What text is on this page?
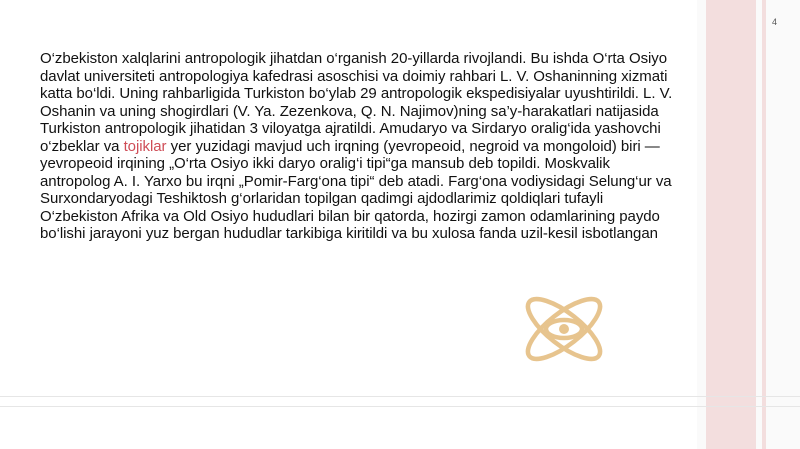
4

O‘zbekiston xalqlarini antropologik jihatdan o‘rganish 20-yillarda rivojlandi. Bu ishda O‘rta Osiyo davlat universiteti antropologiya kafedrasi asoschisi va doimiy rahbari L. V. Oshaninning xizmati katta bo‘ldi. Uning rahbarligida Turkiston bo‘ylab 29 antropologik ekspedisiyalar uyushtirildi. L. V. Oshanin va uning shogirdlari (V. Ya. Zezenkova, Q. N. Najimov)ning sa’y-harakatlari natijasida Turkiston antropologik jihatidan 3 viloyatga ajratildi. Amudaryo va Sirdaryo oralig‘ida yashovchi o‘zbeklar va tojiklar yer yuzidagi mavjud uch irqning (yevropeoid, negroid va mongoloid) biri — yevropeoid irqining „O‘rta Osiyo ikki daryo oralig‘i tipi“ga mansub deb topildi. Moskvalik antropolog A. I. Yarxo bu irqni „Pomir-Farg‘ona tipi“ deb atadi. Farg‘ona vodiysidagi Selung‘ur va Surxondaryodagi Teshiktosh g‘orlaridan topilgan qadimgi ajdodlarimiz qoldiqlari tufayli O‘zbekiston Afrika va Old Osiyo hududlari bilan bir qatorda, hozirgi zamon odamlarining paydo bo‘lishi jarayoni yuz bergan hududlar tarkibiga kiritildi va bu xulosa fanda uzil-kesil isbotlangan
